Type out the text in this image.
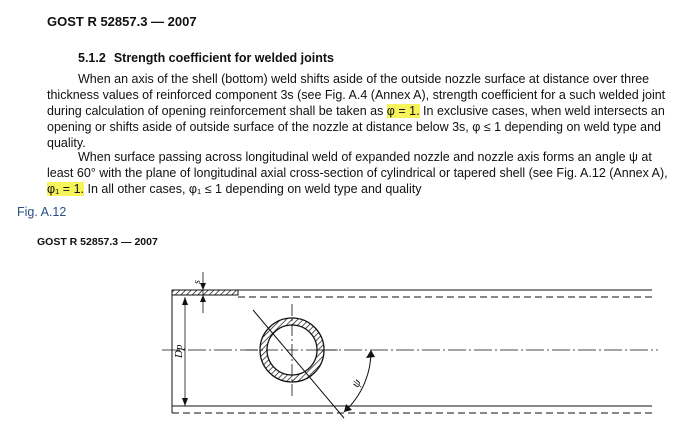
GOST R 52857.3 — 2007
5.1.2 Strength coefficient for welded joints
When an axis of the shell (bottom) weld shifts aside of the outside nozzle surface at distance over three thickness values of reinforced component 3s (see Fig. A.4 (Annex A), strength coefficient for a such welded joint during calculation of opening reinforcement shall be taken as φ = 1. In exclusive cases, when weld intersects an opening or shifts aside of outside surface of the nozzle at distance below 3s, φ ≤ 1 depending on weld type and quality.
When surface passing across longitudinal weld of expanded nozzle and nozzle axis forms an angle ψ at least 60° with the plane of longitudinal axial cross-section of cylindrical or tapered shell (see Fig. A.12 (Annex A), φ₁ = 1. In all other cases, φ₁ ≤ 1 depending on weld type and quality
Fig. A.12
GOST R 52857.3 — 2007
s
Dp
ψ
